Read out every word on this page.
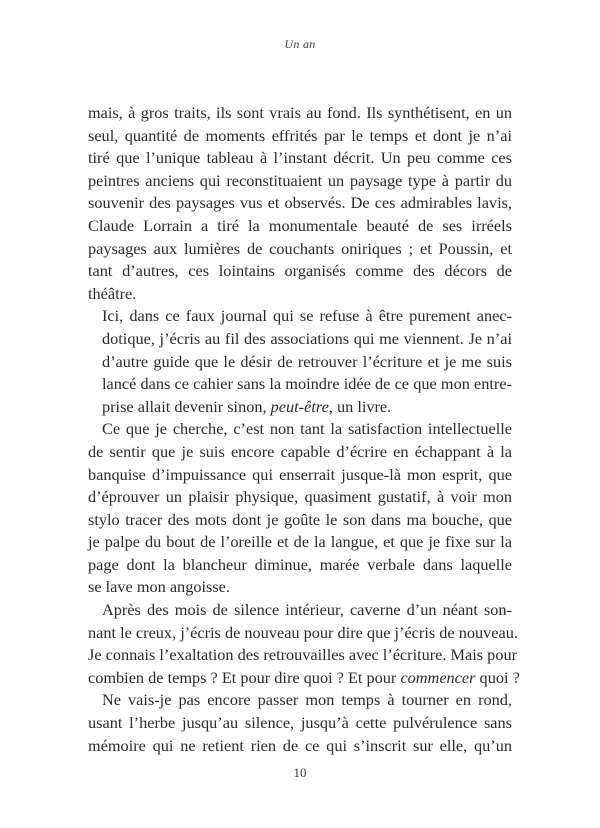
Un an

mais, à gros traits, ils sont vrais au fond. Ils synthétisent, en un
seul, quantité de moments effrités par le temps et dont je n’ai
tiré que l’unique tableau à l’instant décrit. Un peu comme ces
peintres anciens qui reconstituaient un paysage type à partir du
souvenir des paysages vus et observés. De ces admirables lavis,
Claude Lorrain a tiré la monumentale beauté de ses irréels
paysages aux lumières de couchants oniriques ; et Poussin, et
tant d’autres, ces lointains organisés comme des décors de
théâtre.

Ici, dans ce faux journal qui se refuse à être purement anec-
dotique, j’écris au fil des associations qui me viennent. Je n’ai
d’autre guide que le désir de retrouver l’écriture et je me suis
lancé dans ce cahier sans la moindre idée de ce que mon entre-
prise allait devenir sinon, peut-être, un livre.

Ce que je cherche, c’est non tant la satisfaction intellectuelle
de sentir que je suis encore capable d’écrire en échappant à la
banquise d’impuissance qui enserrait jusque-là mon esprit, que
d’éprouver un plaisir physique, quasiment gustatif, à voir mon
stylo tracer des mots dont je goûte le son dans ma bouche, que
je palpe du bout de l’oreille et de la langue, et que je fixe sur la
page dont la blancheur diminue, marée verbale dans laquelle
se lave mon angoisse.

Après des mois de silence intérieur, caverne d’un néant son-
nant le creux, j’écris de nouveau pour dire que j’écris de nouveau.
Je connais l’exaltation des retrouvailles avec l’écriture. Mais pour
combien de temps ? Et pour dire quoi ? Et pour commencer quoi ?

Ne vais-je pas encore passer mon temps à tourner en rond,
usant l’herbe jusqu’au silence, jusqu’à cette pulvérulence sans
mémoire qui ne retient rien de ce qui s’inscrit sur elle, qu’un

10
